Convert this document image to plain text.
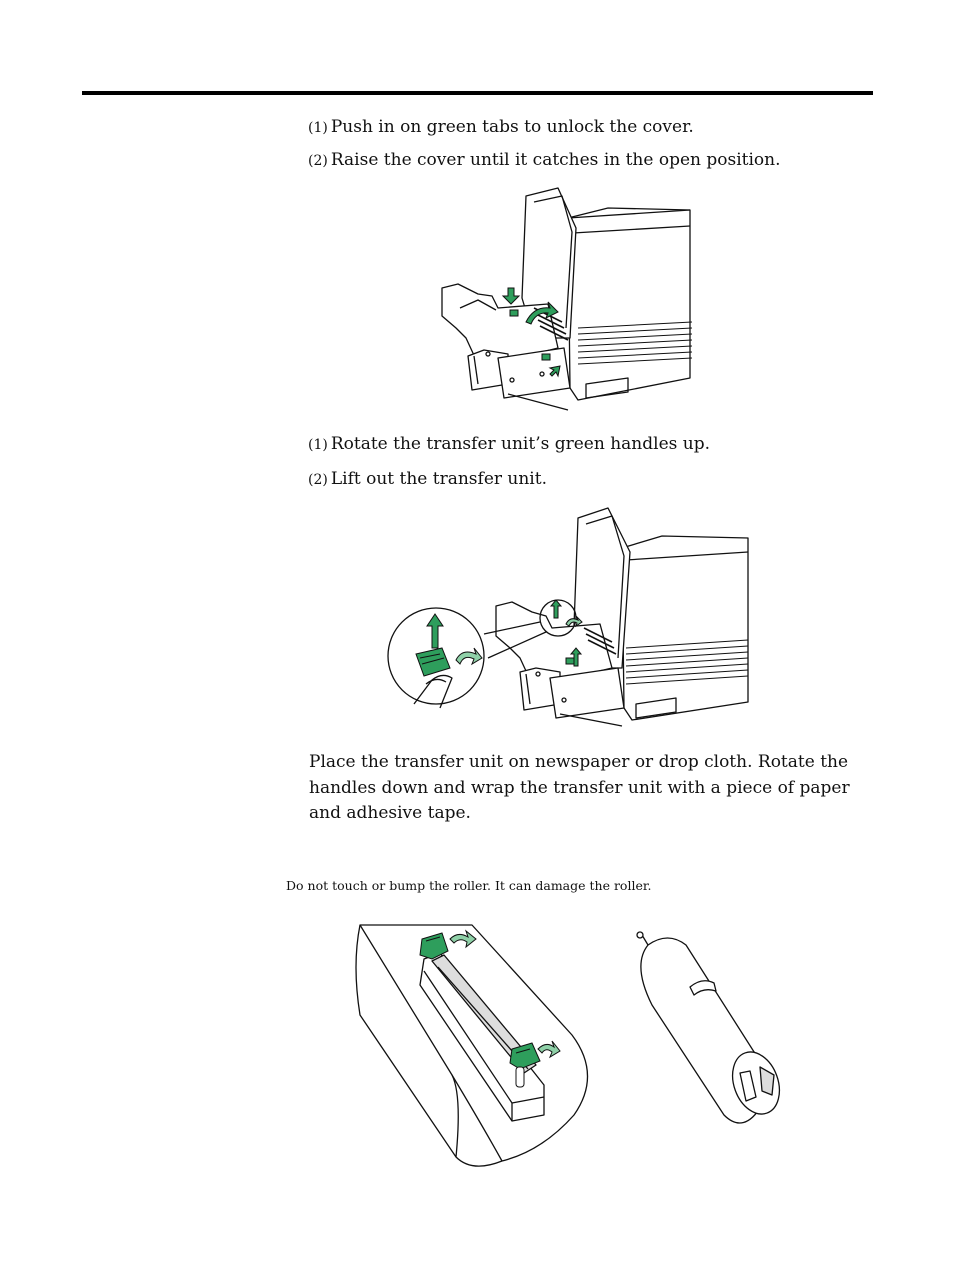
(1) Push in on green tabs to unlock the cover.
(2) Raise the cover until it catches in the open position.
(1) Rotate the transfer unit’s green handles up.
(2) Lift out the transfer unit.
Place the transfer unit on newspaper or drop cloth. Rotate the handles down and wrap the transfer unit with a piece of paper and adhesive tape.
Do not touch or bump the roller. It can damage the roller.
